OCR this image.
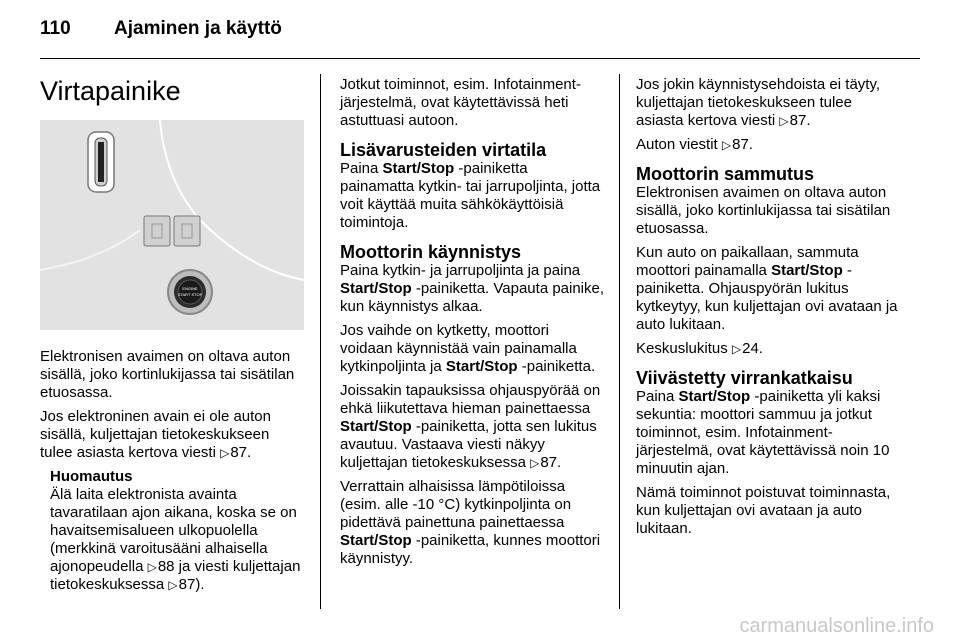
110 Ajaminen ja käyttö
Virtapainike
ENGINE
START STOP

Elektronisen avaimen on oltava auton sisällä, joko kortinlukijassa tai sisätilan etuosassa.

Jos elektroninen avain ei ole auton sisällä, kuljettajan tietokeskukseen tulee asiasta kertova viesti ▷87.

Huomautus

Älä laita elektronista avainta tavaratilaan ajon aikana, koska se on havaitsemisalueen ulkopuolella (merkkinä varoitusääni alhaisella ajonopeudella ▷88 ja viesti kuljettajan tietokeskuksessa ▷87).

Jotkut toiminnot, esim. Infotainment-järjestelmä, ovat käytettävissä heti astuttuasi autoon.

Lisävarusteiden virtatila

Paina Start/Stop -painiketta painamatta kytkin- tai jarrupoljinta, jotta voit käyttää muita sähkökäyttöisiä toimintoja.

Moottorin käynnistys

Paina kytkin- ja jarrupoljinta ja paina Start/Stop -painiketta. Vapauta painike, kun käynnistys alkaa.

Jos vaihde on kytketty, moottori voidaan käynnistää vain painamalla kytkinpoljinta ja Start/Stop -painiketta.

Joissakin tapauksissa ohjauspyörää on ehkä liikutettava hieman painettaessa Start/Stop -painiketta, jotta sen lukitus avautuu. Vastaava viesti näkyy kuljettajan tietokeskuksessa ▷87.

Verrattain alhaisissa lämpötiloissa (esim. alle -10 °C) kytkinpoljinta on pidettävä painettuna painettaessa Start/Stop -painiketta, kunnes moottori käynnistyy.

Jos jokin käynnistysehdoista ei täyty, kuljettajan tietokeskukseen tulee asiasta kertova viesti ▷87.

Auton viestit ▷87.

Moottorin sammutus

Elektronisen avaimen on oltava auton sisällä, joko kortinlukijassa tai sisätilan etuosassa.

Kun auto on paikallaan, sammuta moottori painamalla Start/Stop -painiketta. Ohjauspyörän lukitus kytkeytyy, kun kuljettajan ovi avataan ja auto lukitaan.

Keskuslukitus ▷24.

Viivästetty virrankatkaisu

Paina Start/Stop -painiketta yli kaksi sekuntia: moottori sammuu ja jotkut toiminnot, esim. Infotainment-järjestelmä, ovat käytettävissä noin 10 minuutin ajan.

Nämä toiminnot poistuvat toiminnasta, kun kuljettajan ovi avataan ja auto lukitaan.

carmanualsonline.info
